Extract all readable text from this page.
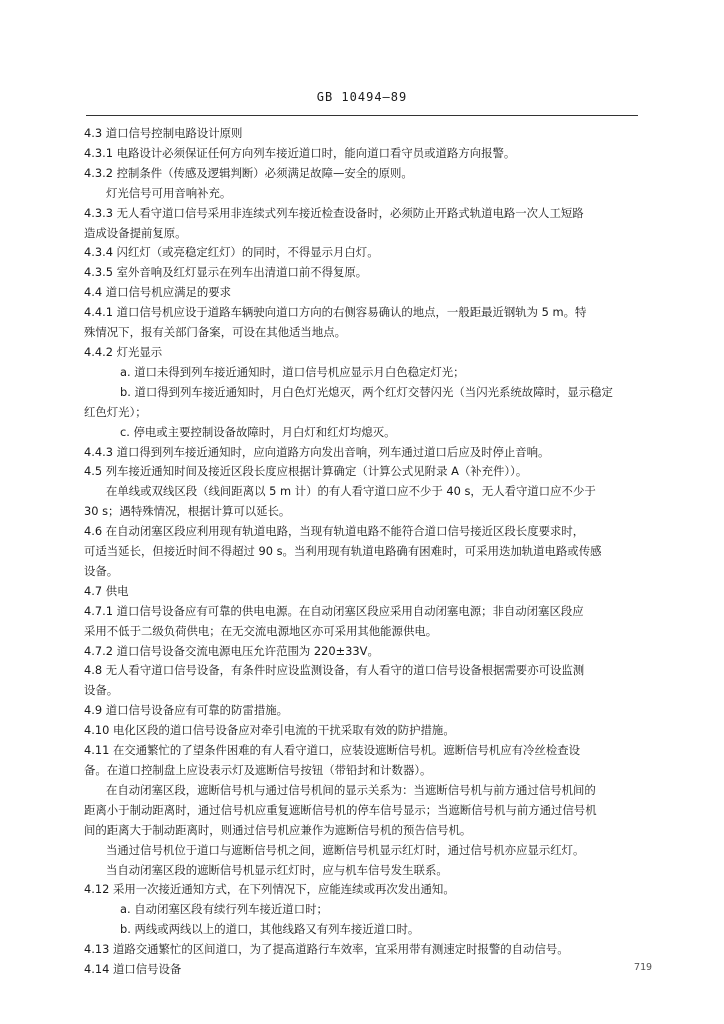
GB 10494—89
4.3 道口信号控制电路设计原则
4.3.1 电路设计必须保证任何方向列车接近道口时，能向道口看守员或道路方向报警。
4.3.2 控制条件（传感及逻辑判断）必须满足故障—安全的原则。
灯光信号可用音响补充。
4.3.3 无人看守道口信号采用非连续式列车接近检查设备时，必须防止开路式轨道电路一次人工短路
造成设备提前复原。
4.3.4 闪红灯（或亮稳定红灯）的同时，不得显示月白灯。
4.3.5 室外音响及红灯显示在列车出清道口前不得复原。
4.4 道口信号机应满足的要求
4.4.1 道口信号机应设于道路车辆驶向道口方向的右侧容易确认的地点，一般距最近钢轨为 5 m。特
殊情况下，报有关部门备案，可设在其他适当地点。
4.4.2 灯光显示
a. 道口未得到列车接近通知时，道口信号机应显示月白色稳定灯光；
b. 道口得到列车接近通知时，月白色灯光熄灭，两个红灯交替闪光（当闪光系统故障时，显示稳定
红色灯光）；
c. 停电或主要控制设备故障时，月白灯和红灯均熄灭。
4.4.3 道口得到列车接近通知时，应向道路方向发出音响，列车通过道口后应及时停止音响。
4.5 列车接近通知时间及接近区段长度应根据计算确定（计算公式见附录 A（补充件））。
在单线或双线区段（线间距离以 5 m 计）的有人看守道口应不少于 40 s，无人看守道口应不少于
30 s；遇特殊情况，根据计算可以延长。
4.6 在自动闭塞区段应利用现有轨道电路，当现有轨道电路不能符合道口信号接近区段长度要求时，
可适当延长，但接近时间不得超过 90 s。当利用现有轨道电路确有困难时，可采用迭加轨道电路或传感
设备。
4.7 供电
4.7.1 道口信号设备应有可靠的供电电源。在自动闭塞区段应采用自动闭塞电源；非自动闭塞区段应
采用不低于二级负荷供电；在无交流电源地区亦可采用其他能源供电。
4.7.2 道口信号设备交流电源电压允许范围为 220±33V。
4.8 无人看守道口信号设备，有条件时应设监测设备，有人看守的道口信号设备根据需要亦可设监测
设备。
4.9 道口信号设备应有可靠的防雷措施。
4.10 电化区段的道口信号设备应对牵引电流的干扰采取有效的防护措施。
4.11 在交通繁忙的了望条件困难的有人看守道口，应装设遮断信号机。遮断信号机应有冷丝检查设
备。在道口控制盘上应设表示灯及遮断信号按钮（带铅封和计数器）。
在自动闭塞区段，遮断信号机与通过信号机间的显示关系为：当遮断信号机与前方通过信号机间的
距离小于制动距离时，通过信号机应重复遮断信号机的停车信号显示；当遮断信号机与前方通过信号机
间的距离大于制动距离时，则通过信号机应兼作为遮断信号机的预告信号机。
当通过信号机位于道口与遮断信号机之间，遮断信号机显示红灯时，通过信号机亦应显示红灯。
当自动闭塞区段的遮断信号机显示红灯时，应与机车信号发生联系。
4.12 采用一次接近通知方式，在下列情况下，应能连续或再次发出通知。
a. 自动闭塞区段有续行列车接近道口时；
b. 两线或两线以上的道口，其他线路又有列车接近道口时。
4.13 道路交通繁忙的区间道口，为了提高道路行车效率，宜采用带有测速定时报警的自动信号。
4.14 道口信号设备	719
